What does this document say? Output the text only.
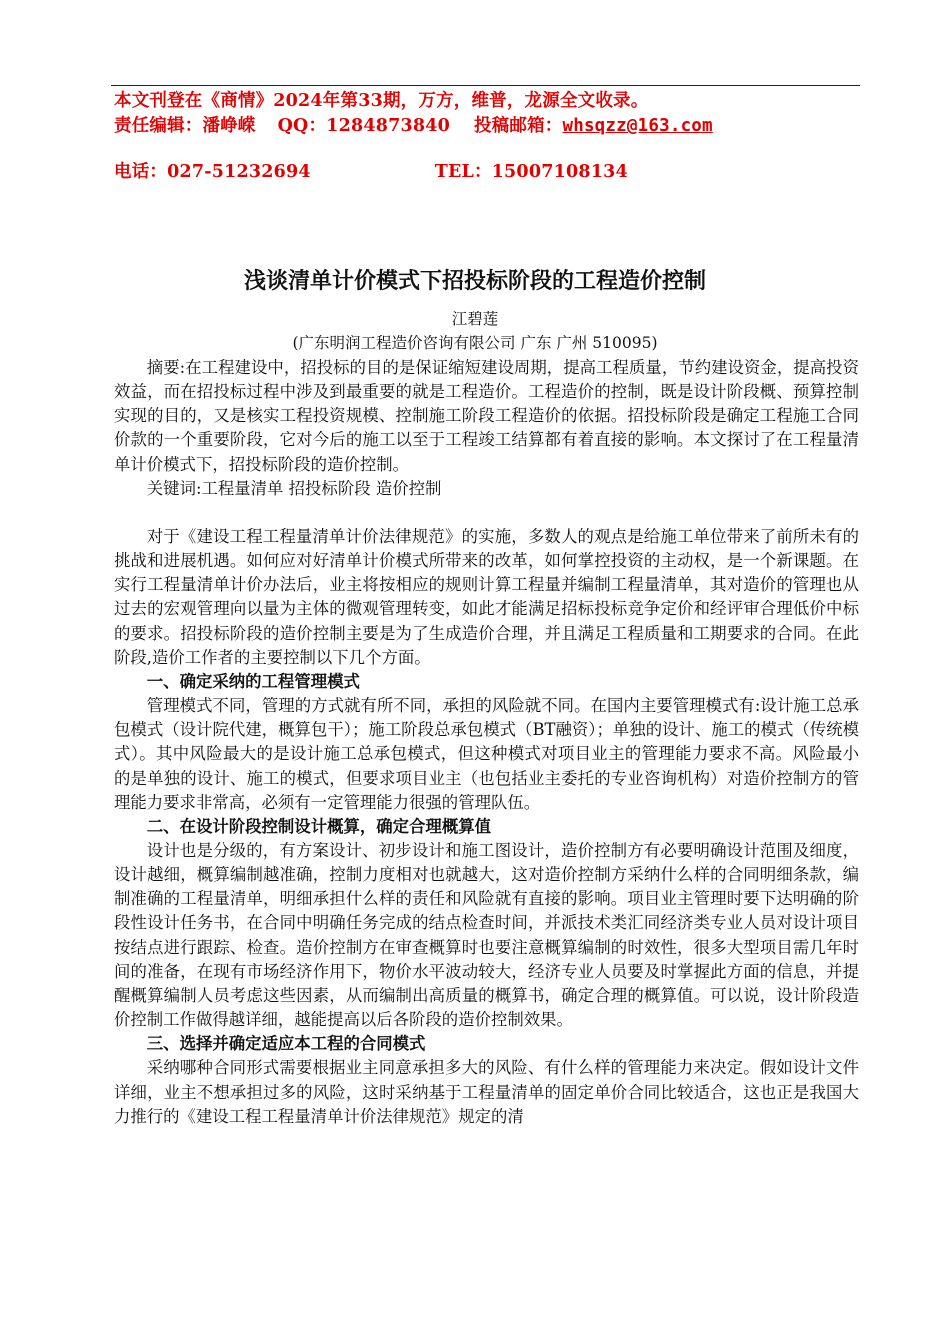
本文刊登在《商情》2024年第33期，万方，维普，龙源全文收录。
责任编辑：潘峥嵘 QQ：1284873840 投稿邮箱：whsqzz@163.com
电话：027-51232694	TEL：15007108134
浅谈清单计价模式下招投标阶段的工程造价控制
江碧莲
(广东明润工程造价咨询有限公司 广东 广州 510095)

摘要:在工程建设中，招投标的目的是保证缩短建设周期，提高工程质量，节约建设资金，提高投资效益，而在招投标过程中涉及到最重要的就是工程造价。工程造价的控制，既是设计阶段概、预算控制实现的目的，又是核实工程投资规模、控制施工阶段工程造价的依据。招投标阶段是确定工程施工合同价款的一个重要阶段，它对今后的施工以至于工程竣工结算都有着直接的影响。本文探讨了在工程量清单计价模式下，招投标阶段的造价控制。

关键词:工程量清单 招投标阶段 造价控制

对于《建设工程工程量清单计价法律规范》的实施，多数人的观点是给施工单位带来了前所未有的挑战和进展机遇。如何应对好清单计价模式所带来的改革，如何掌控投资的主动权，是一个新课题。在实行工程量清单计价办法后，业主将按相应的规则计算工程量并编制工程量清单，其对造价的管理也从过去的宏观管理向以量为主体的微观管理转变，如此才能满足招标投标竞争定价和经评审合理低价中标的要求。招投标阶段的造价控制主要是为了生成造价合理，并且满足工程质量和工期要求的合同。在此阶段,造价工作者的主要控制以下几个方面。

一、确定采纳的工程管理模式

管理模式不同，管理的方式就有所不同，承担的风险就不同。在国内主要管理模式有:设计施工总承包模式（设计院代建，概算包干）；施工阶段总承包模式（BT融资）；单独的设计、施工的模式（传统模式）。其中风险最大的是设计施工总承包模式，但这种模式对项目业主的管理能力要求不高。风险最小的是单独的设计、施工的模式，但要求项目业主（也包括业主委托的专业咨询机构）对造价控制方的管理能力要求非常高，必须有一定管理能力很强的管理队伍。

二、在设计阶段控制设计概算，确定合理概算值

设计也是分级的，有方案设计、初步设计和施工图设计，造价控制方有必要明确设计范围及细度，设计越细，概算编制越准确，控制力度相对也就越大，这对造价控制方采纳什么样的合同明细条款，编制准确的工程量清单，明细承担什么样的责任和风险就有直接的影响。项目业主管理时要下达明确的阶段性设计任务书，在合同中明确任务完成的结点检查时间，并派技术类汇同经济类专业人员对设计项目按结点进行跟踪、检查。造价控制方在审查概算时也要注意概算编制的时效性，很多大型项目需几年时间的准备，在现有市场经济作用下，物价水平波动较大，经济专业人员要及时掌握此方面的信息，并提醒概算编制人员考虑这些因素，从而编制出高质量的概算书，确定合理的概算值。可以说，设计阶段造价控制工作做得越详细，越能提高以后各阶段的造价控制效果。

三、选择并确定适应本工程的合同模式

采纳哪种合同形式需要根据业主同意承担多大的风险、有什么样的管理能力来决定。假如设计文件详细，业主不想承担过多的风险，这时采纳基于工程量清单的固定单价合同比较适合，这也正是我国大力推行的《建设工程工程量清单计价法律规范》规定的清
